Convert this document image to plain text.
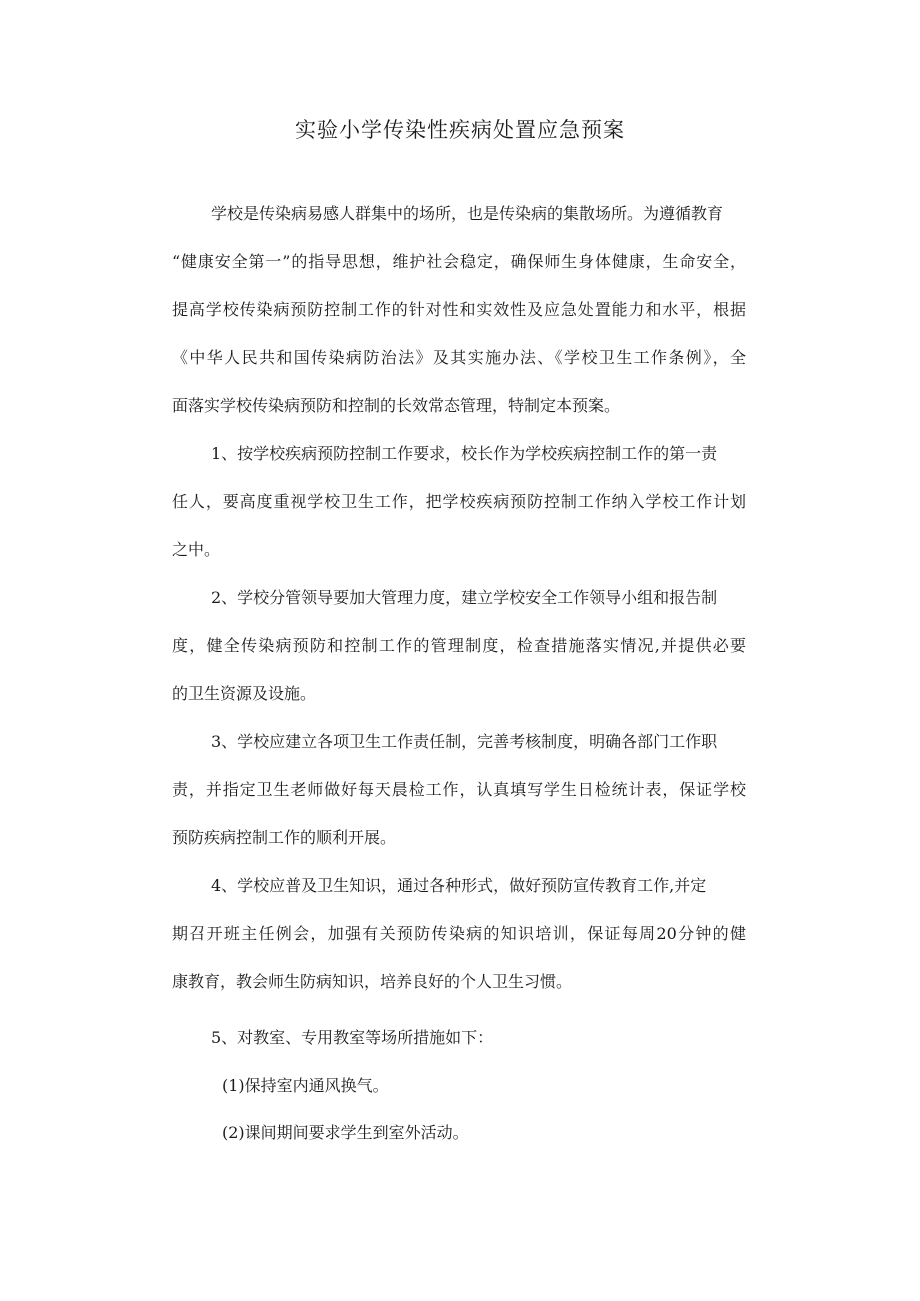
实验小学传染性疾病处置应急预案
学校是传染病易感人群集中的场所，也是传染病的集散场所。为遵循教育
“健康安全第一”的指导思想，维护社会稳定，确保师生身体健康，生命安全，
提高学校传染病预防控制工作的针对性和实效性及应急处置能力和水平，根据
《中华人民共和国传染病防治法》及其实施办法、《学校卫生工作条例》，全
面落实学校传染病预防和控制的长效常态管理，特制定本预案。
1、按学校疾病预防控制工作要求，校长作为学校疾病控制工作的第一责
任人，要高度重视学校卫生工作，把学校疾病预防控制工作纳入学校工作计划
之中。
2、学校分管领导要加大管理力度，建立学校安全工作领导小组和报告制
度，健全传染病预防和控制工作的管理制度，检查措施落实情况,并提供必要
的卫生资源及设施。
3、学校应建立各项卫生工作责任制，完善考核制度，明确各部门工作职
责，并指定卫生老师做好每天晨检工作，认真填写学生日检统计表，保证学校
预防疾病控制工作的顺利开展。
4、学校应普及卫生知识，通过各种形式，做好预防宣传教育工作,并定
期召开班主任例会，加强有关预防传染病的知识培训，保证每周20分钟的健
康教育，教会师生防病知识，培养良好的个人卫生习惯。
5、对教室、专用教室等场所措施如下：
(1)保持室内通风换气。
(2)课间期间要求学生到室外活动。
